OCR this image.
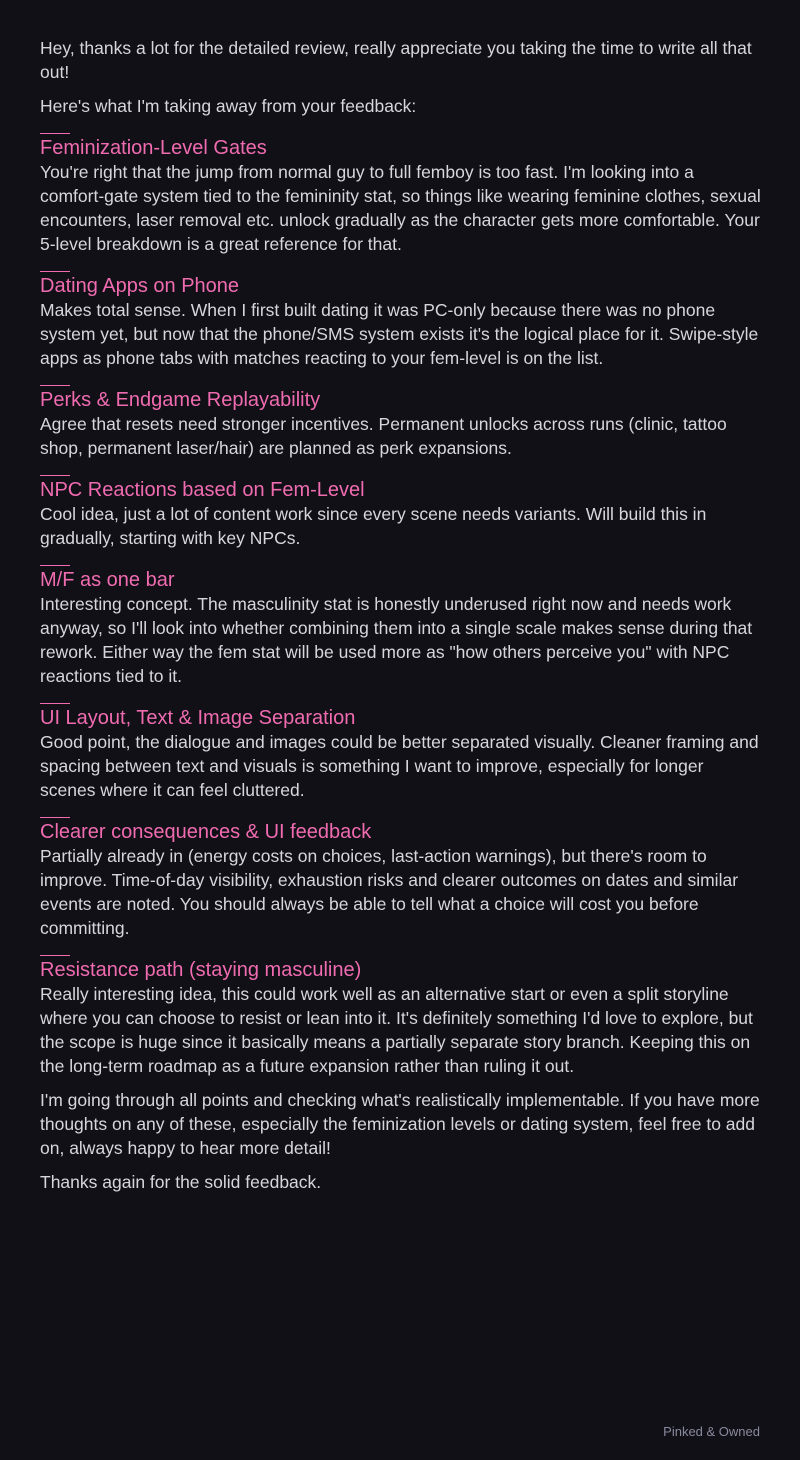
Hey, thanks a lot for the detailed review, really appreciate you taking the time to write all that out!

Here's what I'm taking away from your feedback:

Feminization-Level Gates

You're right that the jump from normal guy to full femboy is too fast. I'm looking into a comfort-gate system tied to the femininity stat, so things like wearing feminine clothes, sexual encounters, laser removal etc. unlock gradually as the character gets more comfortable. Your 5-level breakdown is a great reference for that.

Dating Apps on Phone

Makes total sense. When I first built dating it was PC-only because there was no phone system yet, but now that the phone/SMS system exists it's the logical place for it. Swipe-style apps as phone tabs with matches reacting to your fem-level is on the list.

Perks & Endgame Replayability

Agree that resets need stronger incentives. Permanent unlocks across runs (clinic, tattoo shop, permanent laser/hair) are planned as perk expansions.

NPC Reactions based on Fem-Level

Cool idea, just a lot of content work since every scene needs variants. Will build this in gradually, starting with key NPCs.

M/F as one bar

Interesting concept. The masculinity stat is honestly underused right now and needs work anyway, so I'll look into whether combining them into a single scale makes sense during that rework. Either way the fem stat will be used more as "how others perceive you" with NPC reactions tied to it.

UI Layout, Text & Image Separation

Good point, the dialogue and images could be better separated visually. Cleaner framing and spacing between text and visuals is something I want to improve, especially for longer scenes where it can feel cluttered.

Clearer consequences & UI feedback

Partially already in (energy costs on choices, last-action warnings), but there's room to improve. Time-of-day visibility, exhaustion risks and clearer outcomes on dates and similar events are noted. You should always be able to tell what a choice will cost you before committing.

Resistance path (staying masculine)

Really interesting idea, this could work well as an alternative start or even a split storyline where you can choose to resist or lean into it. It's definitely something I'd love to explore, but the scope is huge since it basically means a partially separate story branch. Keeping this on the long-term roadmap as a future expansion rather than ruling it out.

I'm going through all points and checking what's realistically implementable. If you have more thoughts on any of these, especially the feminization levels or dating system, feel free to add on, always happy to hear more detail!

Thanks again for the solid feedback.

Pinked & Owned
